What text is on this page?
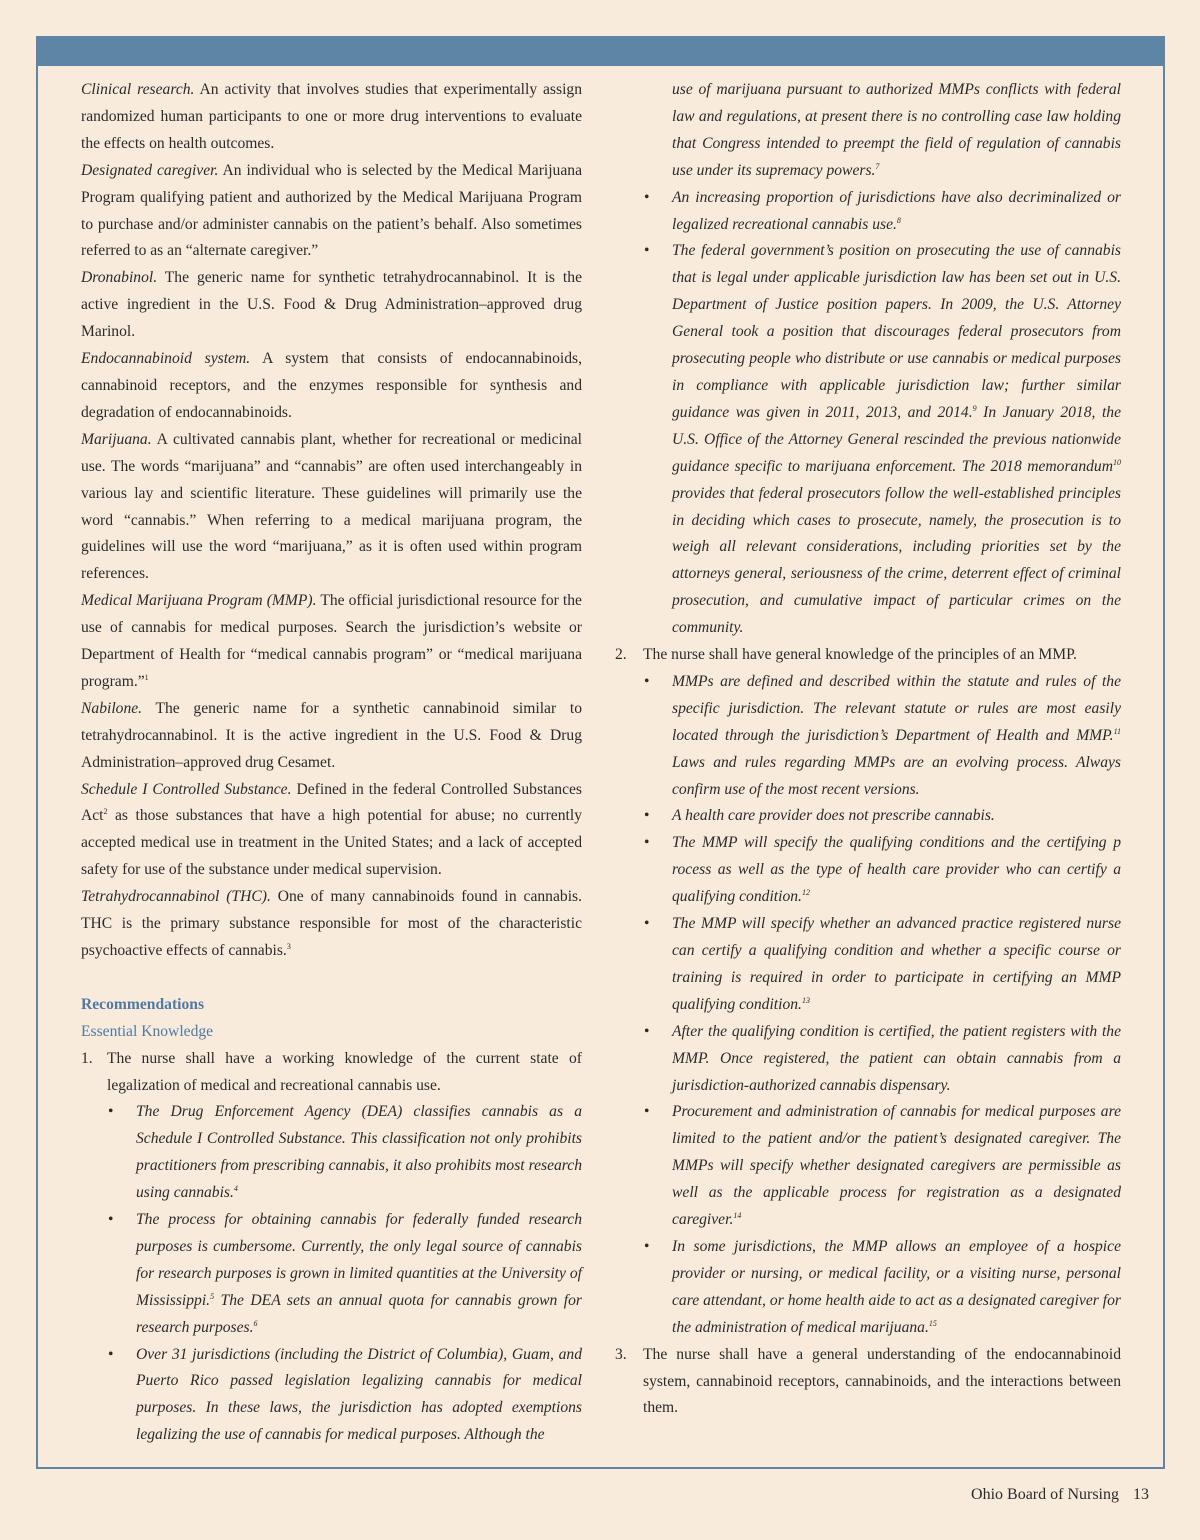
Clinical research. An activity that involves studies that experimentally assign randomized human participants to one or more drug interventions to evaluate the effects on health outcomes.

Designated caregiver. An individual who is selected by the Medical Marijuana Program qualifying patient and authorized by the Medical Marijuana Program to purchase and/or administer cannabis on the patient’s behalf. Also sometimes referred to as an “alternate caregiver.”

Dronabinol. The generic name for synthetic tetrahydrocannabinol. It is the active ingredient in the U.S. Food & Drug Administration–approved drug Marinol.

Endocannabinoid system. A system that consists of endocannabinoids, cannabinoid receptors, and the enzymes responsible for synthesis and degradation of endocannabinoids.

Marijuana. A cultivated cannabis plant, whether for recreational or medicinal use. The words “marijuana” and “cannabis” are often used interchangeably in various lay and scientific literature. These guidelines will primarily use the word “cannabis.” When referring to a medical marijuana program, the guidelines will use the word “marijuana,” as it is often used within program references.

Medical Marijuana Program (MMP). The official jurisdictional resource for the use of cannabis for medical purposes. Search the jurisdiction’s website or Department of Health for “medical cannabis program” or “medical marijuana program.”$^1$

Nabilone. The generic name for a synthetic cannabinoid similar to tetrahydrocannabinol. It is the active ingredient in the U.S. Food & Drug Administration–approved drug Cesamet.

Schedule I Controlled Substance. Defined in the federal Controlled Substances Act$^2$ as those substances that have a high potential for abuse; no currently accepted medical use in treatment in the United States; and a lack of accepted safety for use of the substance under medical supervision.

Tetrahydrocannabinol (THC). One of many cannabinoids found in cannabis. THC is the primary substance responsible for most of the characteristic psychoactive effects of cannabis.$^3$

Recommendations
Essential Knowledge
1. The nurse shall have a working knowledge of the current state of legalization of medical and recreational cannabis use.
• The Drug Enforcement Agency (DEA) classifies cannabis as a Schedule I Controlled Substance. This classification not only prohibits practitioners from prescribing cannabis, it also prohibits most research using cannabis.$^4$
• The process for obtaining cannabis for federally funded research purposes is cumbersome. Currently, the only legal source of cannabis for research purposes is grown in limited quantities at the University of Mississippi.$^5$ The DEA sets an annual quota for cannabis grown for research purposes.$^6$
• Over 31 jurisdictions (including the District of Columbia), Guam, and Puerto Rico passed legislation legalizing cannabis for medical purposes. In these laws, the jurisdiction has adopted exemptions legalizing the use of cannabis for medical purposes. Although the
use of marijuana pursuant to authorized MMPs conflicts with federal law and regulations, at present there is no controlling case law holding that Congress intended to preempt the field of regulation of cannabis use under its supremacy powers.$^7$
• An increasing proportion of jurisdictions have also decriminalized or legalized recreational cannabis use.$^8$
• The federal government’s position on prosecuting the use of cannabis that is legal under applicable jurisdiction law has been set out in U.S. Department of Justice position papers. In 2009, the U.S. Attorney General took a position that discourages federal prosecutors from prosecuting people who distribute or use cannabis or medical purposes in compliance with applicable jurisdiction law; further similar guidance was given in 2011, 2013, and 2014.$^9$ In January 2018, the U.S. Office of the Attorney General rescinded the previous nationwide guidance specific to marijuana enforcement. The 2018 memorandum$^{10}$ provides that federal prosecutors follow the well-established principles in deciding which cases to prosecute, namely, the prosecution is to weigh all relevant considerations, including priorities set by the attorneys general, seriousness of the crime, deterrent effect of criminal prosecution, and cumulative impact of particular crimes on the community.
2. The nurse shall have general knowledge of the principles of an MMP.
• MMPs are defined and described within the statute and rules of the specific jurisdiction. The relevant statute or rules are most easily located through the jurisdiction’s Department of Health and MMP.$^{11}$ Laws and rules regarding MMPs are an evolving process. Always confirm use of the most recent versions.
• A health care provider does not prescribe cannabis.
• The MMP will specify the qualifying conditions and the certifying p rocess as well as the type of health care provider who can certify a qualifying condition.$^{12}$
• The MMP will specify whether an advanced practice registered nurse can certify a qualifying condition and whether a specific course or training is required in order to participate in certifying an MMP qualifying condition.$^{13}$
• After the qualifying condition is certified, the patient registers with the MMP. Once registered, the patient can obtain cannabis from a jurisdiction-authorized cannabis dispensary.
• Procurement and administration of cannabis for medical purposes are limited to the patient and/or the patient’s designated caregiver. The MMPs will specify whether designated caregivers are permissible as well as the applicable process for registration as a designated caregiver.$^{14}$
• In some jurisdictions, the MMP allows an employee of a hospice provider or nursing, or medical facility, or a visiting nurse, personal care attendant, or home health aide to act as a designated caregiver for the administration of medical marijuana.$^{15}$
3. The nurse shall have a general understanding of the endocannabinoid system, cannabinoid receptors, cannabinoids, and the interactions between them.
Ohio Board of Nursing 13
